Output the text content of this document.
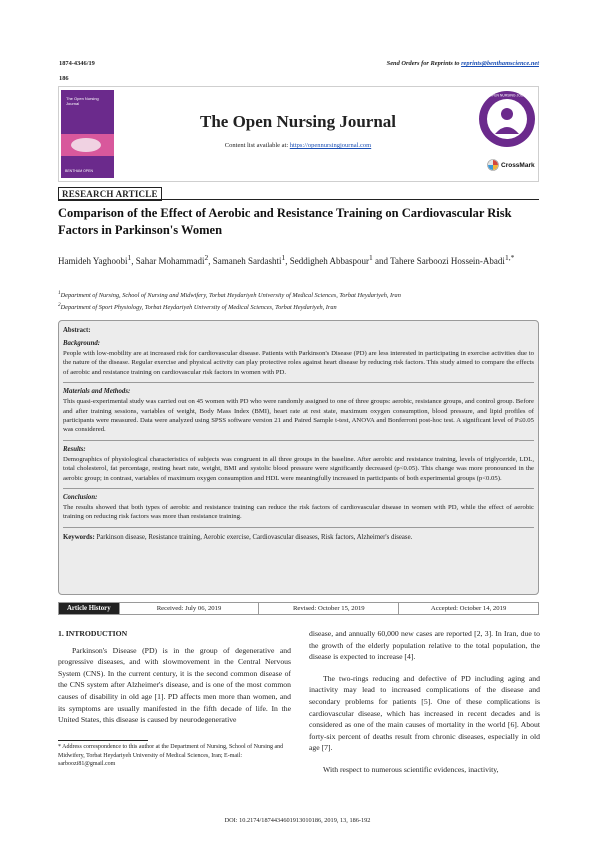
1874-4346/19
186
Send Orders for Reprints to reprints@benthamscience.net
The Open Nursing Journal
BENTHAM OPEN
The Open Nursing Journal
Content list available at: https://opennursingjournal.com
THE OPEN NURSING JOURNAL
CrossMark
RESEARCH ARTICLE
Comparison of the Effect of Aerobic and Resistance Training on Cardiovascular Risk Factors in Parkinson's Women
Hamideh Yaghoobi$^1$, Sahar Mohammadi$^2$, Samaneh Sardashti$^1$, Seddigheh Abbaspour$^1$ and Tahere Sarboozi Hossein-Abadi$^{1,*}$
$^1$Department of Nursing, School of Nursing and Midwifery, Torbat Heydariyeh University of Medical Sciences, Torbat Heydariyeh, Iran
$^2$Department of Sport Physiology, Torbat Heydariyeh University of Medical Sciences, Torbat Heydariyeh, Iran
Abstract:
Background:
People with low-mobility are at increased risk for cardiovascular disease. Patients with Parkinson's Disease (PD) are less interested in participating in exercise activities due to the nature of the disease. Regular exercise and physical activity can play protective roles against heart disease by reducing risk factors. This study aimed to compare the effects of aerobic and resistance training on cardiovascular risk factors in women with PD.
Materials and Methods:
This quasi-experimental study was carried out on 45 women with PD who were randomly assigned to one of three groups: aerobic, resistance groups, and control group. Before and after training sessions, variables of weight, Body Mass Index (BMI), heart rate at rest state, maximum oxygen consumption, blood pressure, and lipid profiles of participants were measured. Data were analyzed using SPSS software version 21 and Paired Sample t-test, ANOVA and Bonferroni post-hoc test. A significant level of P≤0.05 was considered.
Results:
Demographics of physiological characteristics of subjects was congruent in all three groups in the baseline. After aerobic and resistance training, levels of triglyceride, LDL, total cholesterol, fat percentage, resting heart rate, weight, BMI and systolic blood pressure were significantly decreased (p<0.05). This change was more pronounced in the aerobic group; in contrast, variables of maximum oxygen consumption and HDL were meaningfully increased in participants of both experimental groups (p<0.05).
Conclusion:
The results showed that both types of aerobic and resistance training can reduce the risk factors of cardiovascular disease in women with PD, while the effect of aerobic training on reducing risk factors was more than resistance training.
Keywords: Parkinson disease, Resistance training, Aerobic exercise, Cardiovascular diseases, Risk factors, Alzheimer's disease.
Article History	Received: July 06, 2019	Revised: October 15, 2019	Accepted: October 14, 2019
1. INTRODUCTION

Parkinson's Disease (PD) is in the group of degenerative and progressive diseases, and with slowmovement in the Central Nervous System (CNS). In the current century, it is the second common disease of the CNS system after Alzheimer's disease, and is one of the most common causes of disability in old age [1]. PD affects men more than women, and its symptoms are usually manifested in the fifth decade of life. In the United States, this disease is caused by neurodegenerative

disease, and annually 60,000 new cases are reported [2, 3]. In Iran, due to the growth of the elderly population relative to the total population, the disease is expected to increase [4].

The two-rings reducing and defective of PD including aging and inactivity may lead to increased complications of the disease and secondary problems for patients [5]. One of these complications is cardiovascular disease, which has increased in recent decades and is considered as one of the main causes of mortality in the world [6]. About forty-six percent of deaths result from chronic diseases, especially in old age [7].

With respect to numerous scientific evidences, inactivity,

* Address correspondence to this author at the Department of Nursing, School of Nursing and Midwifery, Torbat Heydariyeh University of Medical Sciences, Iran; E-mail: sarboozi81@gmail.com
DOI: 10.2174/1874434601913010186, 2019, 13, 186-192
